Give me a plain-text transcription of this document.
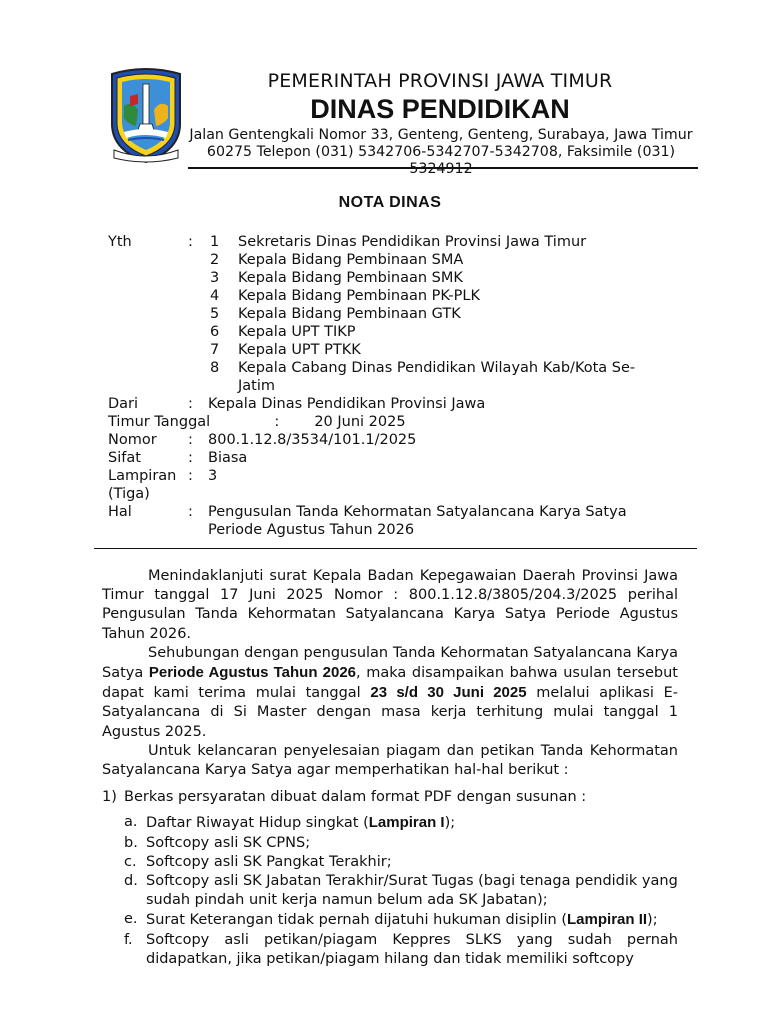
PEMERINTAH PROVINSI JAWA TIMUR
DINAS PENDIDIKAN
Jalan Gentengkali Nomor 33, Genteng, Genteng, Surabaya, Jawa Timur
60275 Telepon (031) 5342706-5342707-5342708, Faksimile (031)
5324912
NOTA DINAS
Yth	: 1	Sekretaris Dinas Pendidikan Provinsi Jawa Timur
2	Kepala Bidang Pembinaan SMA
3	Kepala Bidang Pembinaan SMK
4	Kepala Bidang Pembinaan PK-PLK
5	Kepala Bidang Pembinaan GTK
6	Kepala UPT TIKP
7	Kepala UPT PTKK
8	Kepala Cabang Dinas Pendidikan Wilayah Kab/Kota Se-Jatim
Dari	:	Kepala Dinas Pendidikan Provinsi Jawa
Timur
Tanggal	:	20 Juni 2025
Nomor	:	800.1.12.8/3534/101.1/2025
Sifat	:	Biasa
Lampiran :	3
(Tiga)
Hal	:	Pengusulan Tanda Kehormatan Satyalancana Karya Satya Periode Agustus Tahun 2026

Menindaklanjuti surat Kepala Badan Kepegawaian Daerah Provinsi Jawa Timur tanggal 17 Juni 2025 Nomor : 800.1.12.8/3805/204.3/2025 perihal Pengusulan Tanda Kehormatan Satyalancana Karya Satya Periode Agustus Tahun 2026.

Sehubungan dengan pengusulan Tanda Kehormatan Satyalancana Karya Satya Periode Agustus Tahun 2026, maka disampaikan bahwa usulan tersebut dapat kami terima mulai tanggal 23 s/d 30 Juni 2025 melalui aplikasi E- Satyalancana di Si Master dengan masa kerja terhitung mulai tanggal 1 Agustus 2025.

Untuk kelancaran penyelesaian piagam dan petikan Tanda Kehormatan Satyalancana Karya Satya agar memperhatikan hal-hal berikut :

1) Berkas persyaratan dibuat dalam format PDF dengan susunan :
a. Daftar Riwayat Hidup singkat (Lampiran I);
b. Softcopy asli SK CPNS;
c. Softcopy asli SK Pangkat Terakhir;
d. Softcopy asli SK Jabatan Terakhir/Surat Tugas (bagi tenaga pendidik yang sudah pindah unit kerja namun belum ada SK Jabatan);
e. Surat Keterangan tidak pernah dijatuhi hukuman disiplin (Lampiran II);
f. Softcopy asli petikan/piagam Keppres SLKS yang sudah pernah didapatkan, jika petikan/piagam hilang dan tidak memiliki softcopy
